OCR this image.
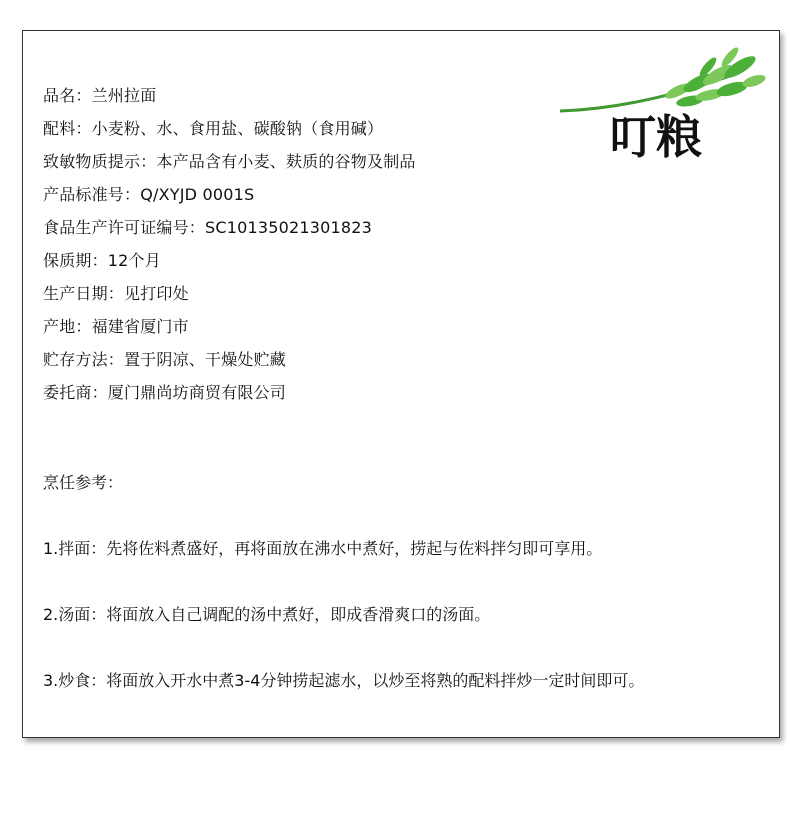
品名：兰州拉面
配料：小麦粉、水、食用盐、碳酸钠（食用碱）
致敏物质提示：本产品含有小麦、麸质的谷物及制品
产品标准号：Q/XYJD 0001S
食品生产许可证编号：SC10135021301823
保质期：12个月
生产日期：见打印处
产地：福建省厦门市
贮存方法：置于阴凉、干燥处贮藏
委托商：厦门鼎尚坊商贸有限公司

烹任参考：

1.拌面：先将佐料煮盛好，再将面放在沸水中煮好，捞起与佐料拌匀即可享用。

2.汤面：将面放入自己调配的汤中煮好，即成香滑爽口的汤面。

3.炒食：将面放入开水中煮3-4分钟捞起滤水，以炒至将熟的配料拌炒一定时间即可。

叮粮
